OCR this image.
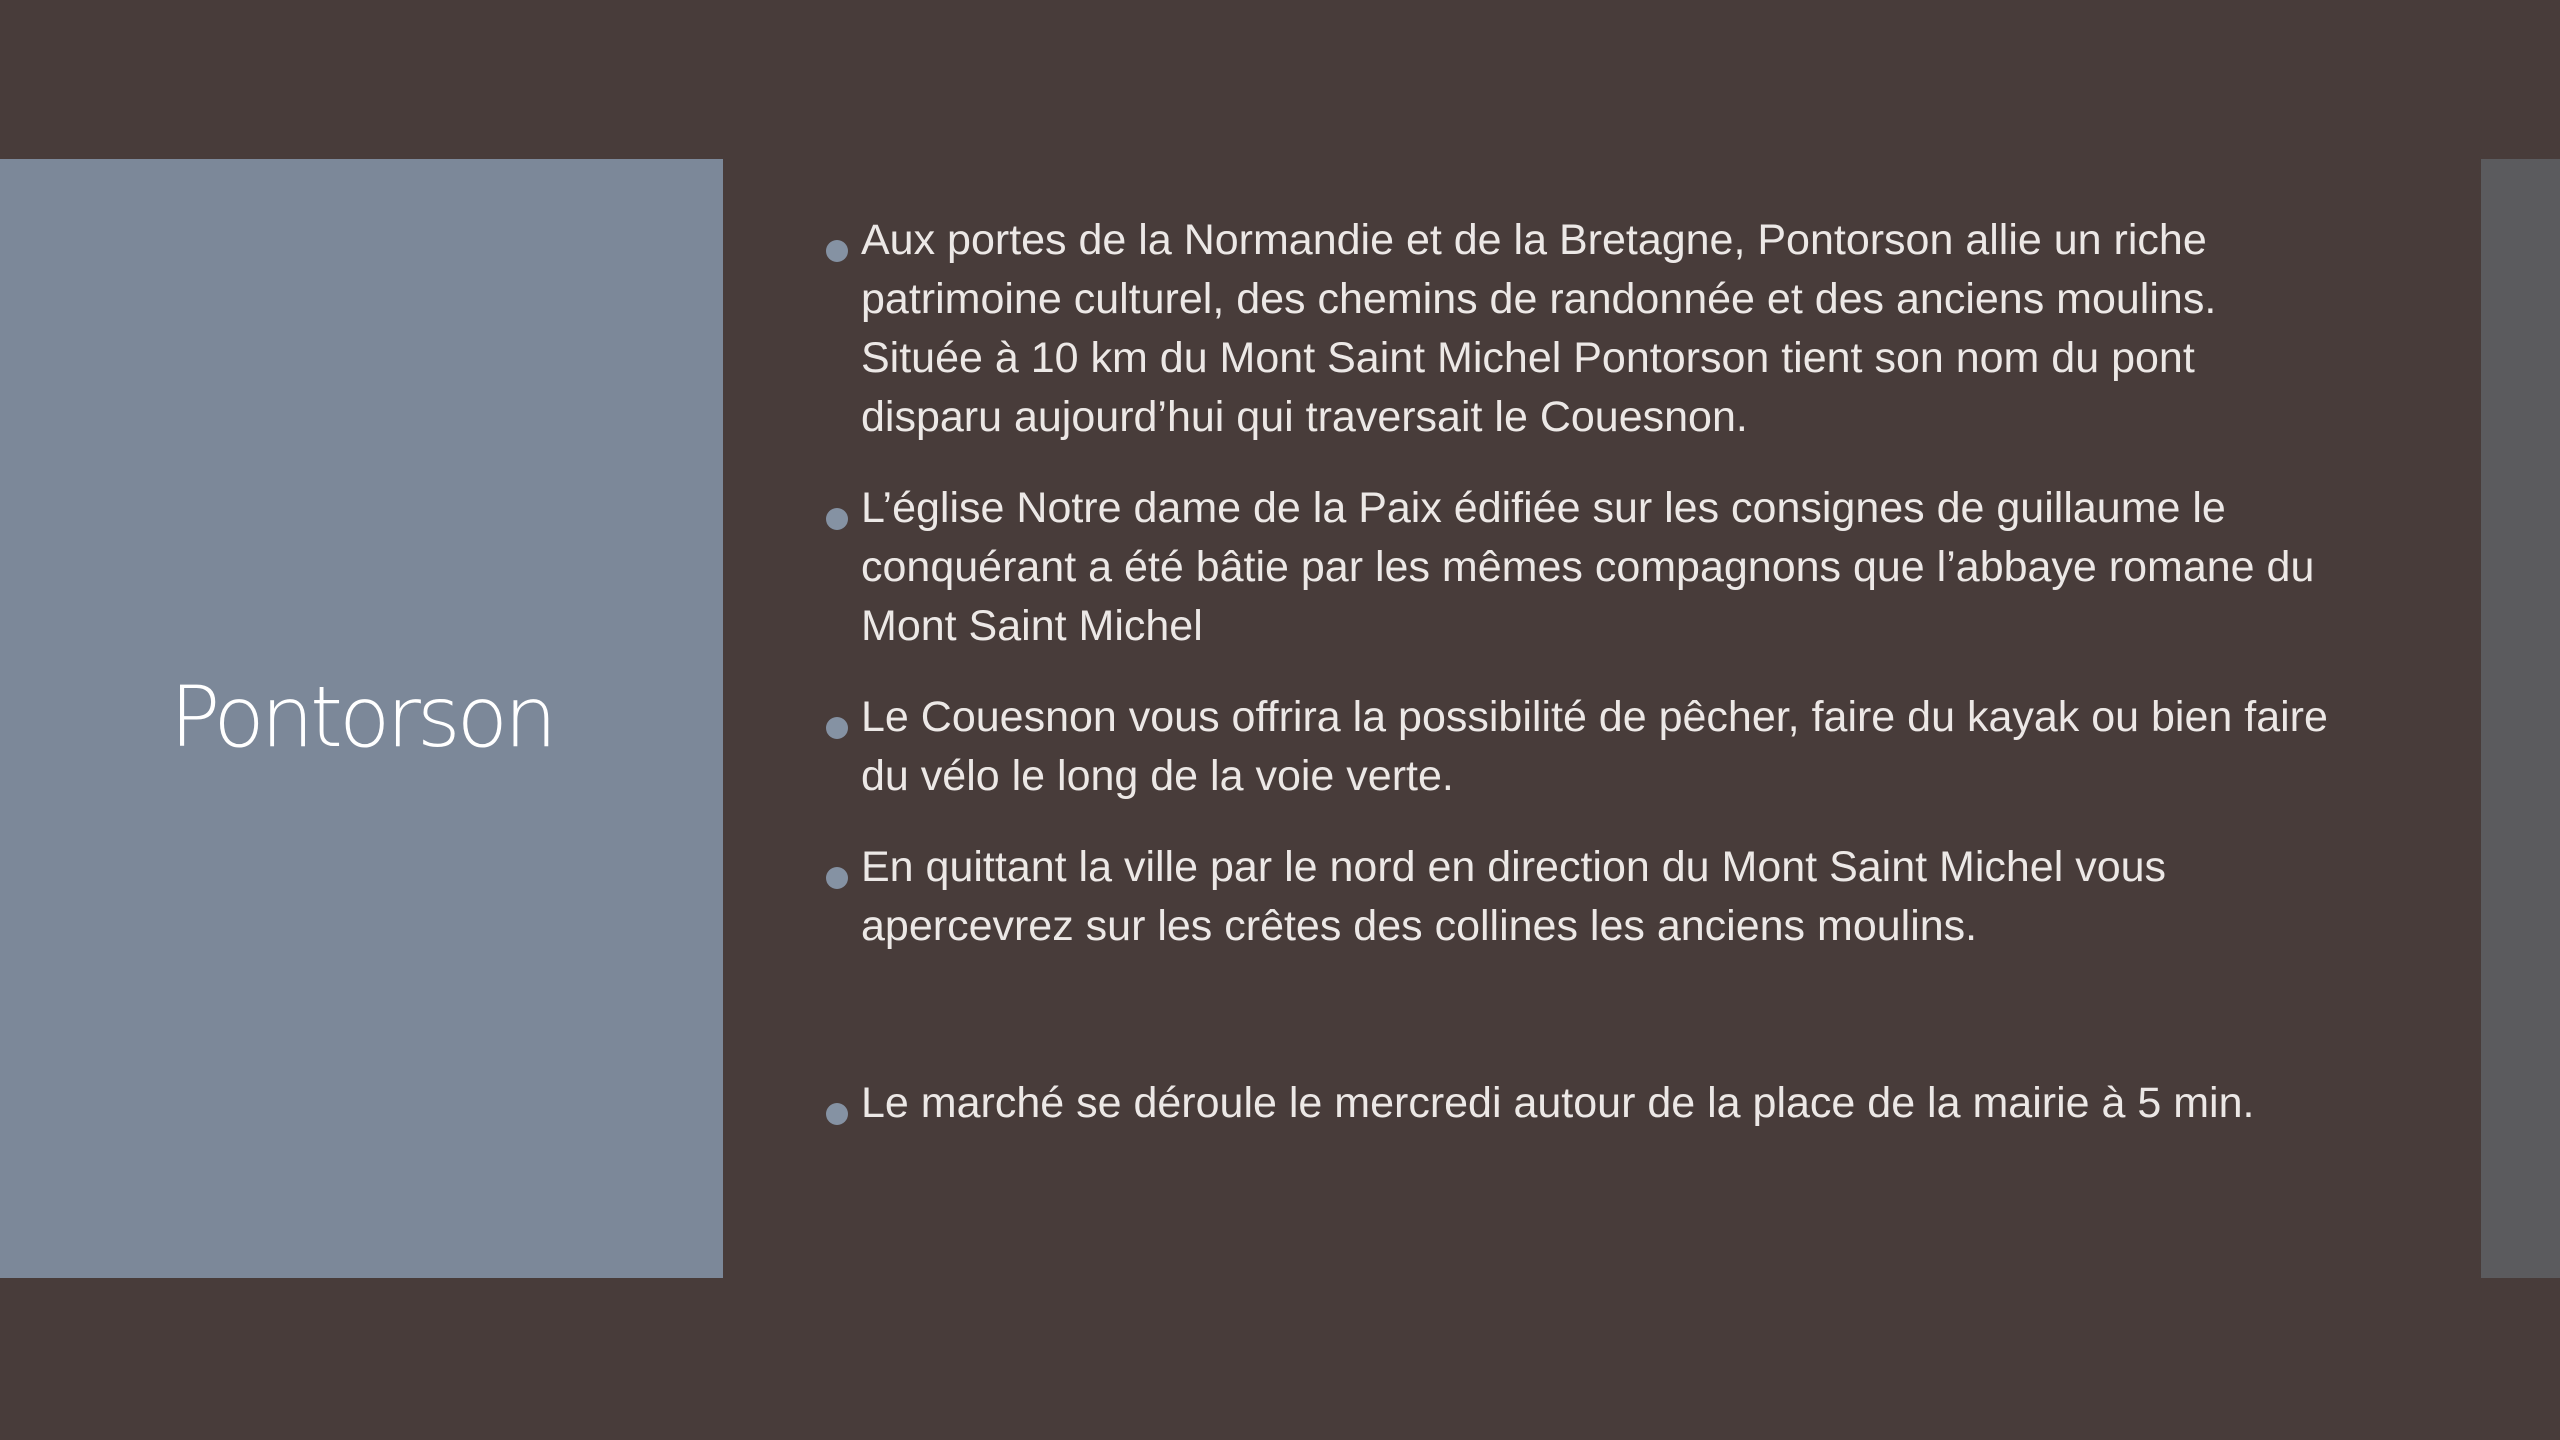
Pontorson
Aux portes de la Normandie et de la Bretagne, Pontorson allie un riche patrimoine culturel, des chemins de randonnée et des anciens moulins. Située à 10 km du Mont Saint Michel Pontorson tient son nom du pont disparu aujourd’hui qui traversait le Couesnon.
L’église Notre dame de la Paix édifiée sur les consignes de guillaume le conquérant a été bâtie par les mêmes compagnons que l’abbaye romane du Mont Saint Michel
Le Couesnon vous offrira la possibilité de pêcher, faire du kayak ou bien faire du vélo le long de la voie verte.
En quittant la ville par le nord en direction du Mont Saint Michel vous apercevrez sur les crêtes des collines les anciens moulins.
Le marché se déroule le mercredi autour de la place de la mairie à 5 min.
